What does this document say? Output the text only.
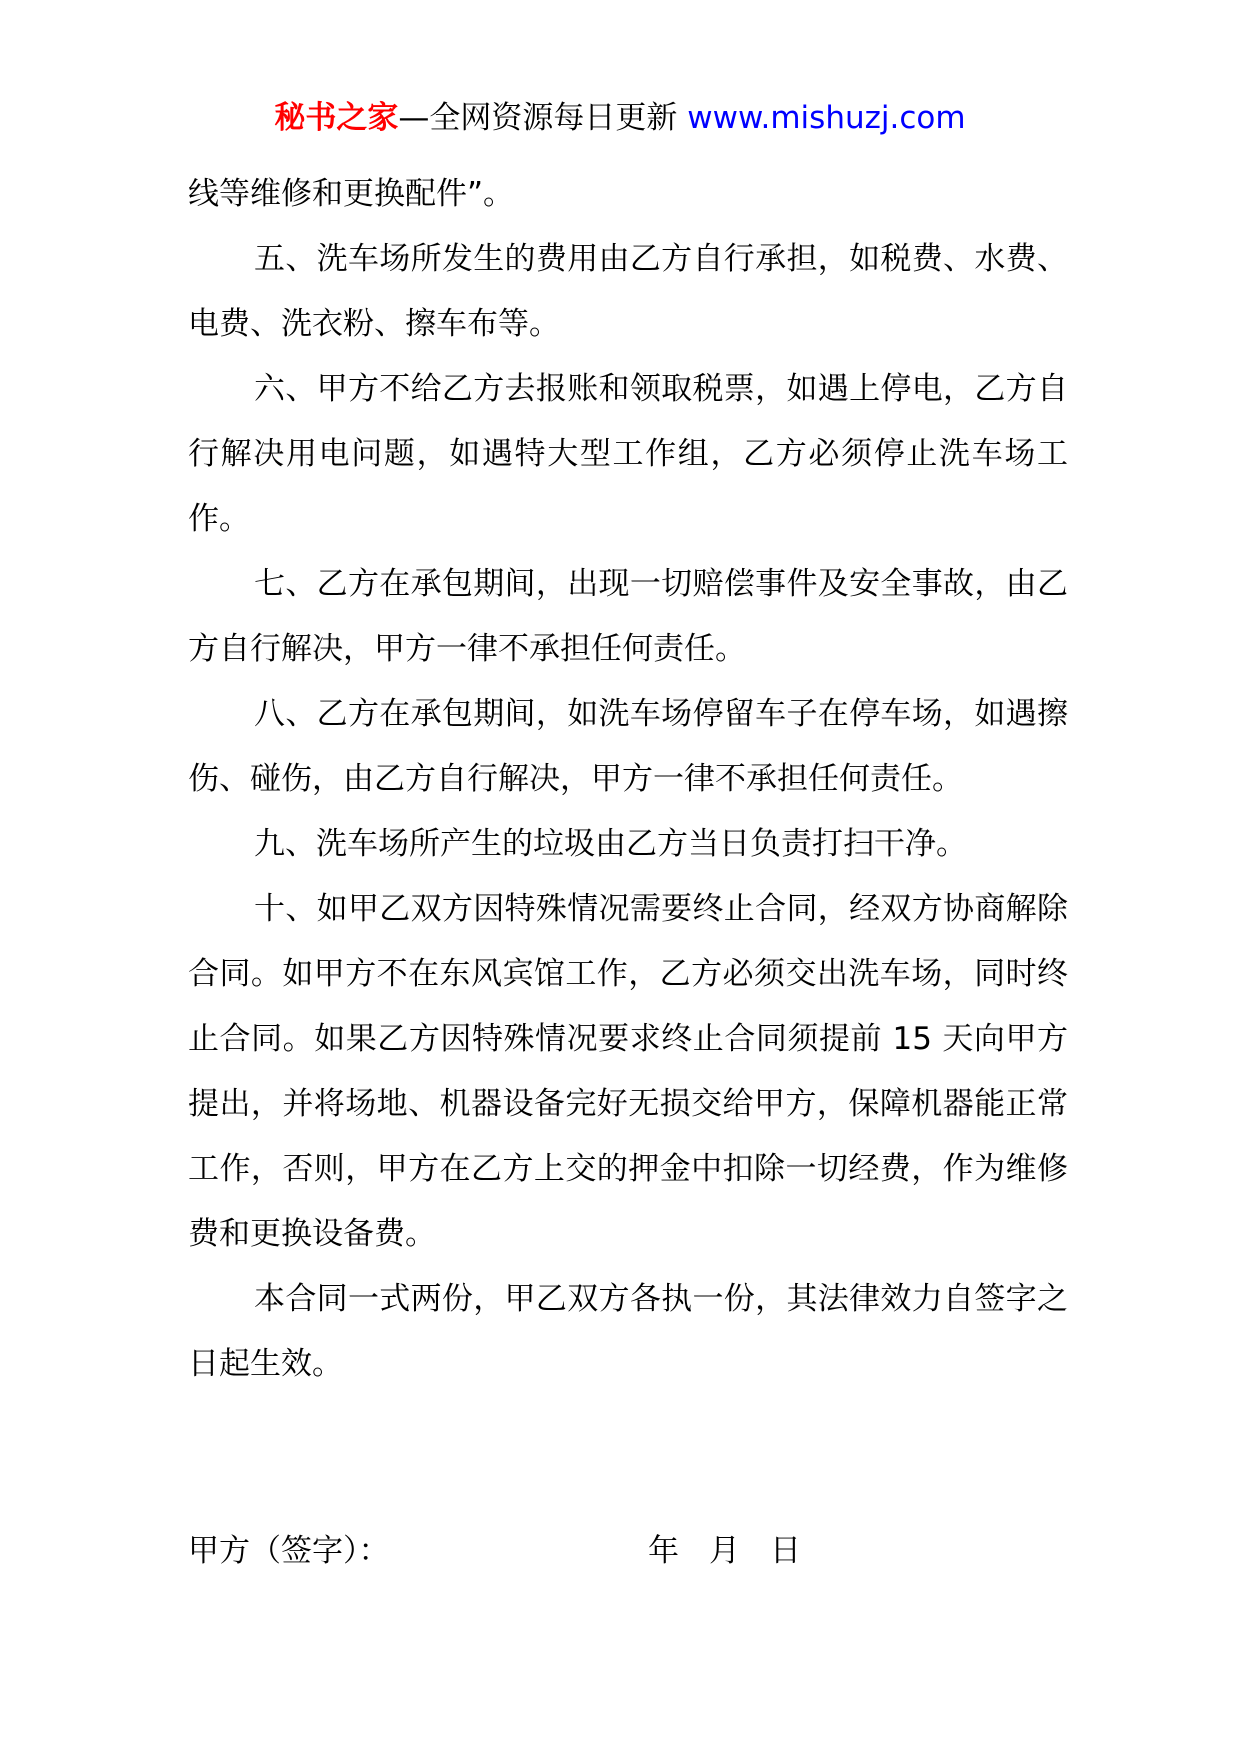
秘书之家—全网资源每日更新 www.mishuzj.com

线等维修和更换配件”。

五、洗车场所发生的费用由乙方自行承担，如税费、水费、电费、洗衣粉、擦车布等。

六、甲方不给乙方去报账和领取税票，如遇上停电，乙方自行解决用电问题，如遇特大型工作组，乙方必须停止洗车场工作。

七、乙方在承包期间，出现一切赔偿事件及安全事故，由乙方自行解决，甲方一律不承担任何责任。

八、乙方在承包期间，如洗车场停留车子在停车场，如遇擦伤、碰伤，由乙方自行解决，甲方一律不承担任何责任。

九、洗车场所产生的垃圾由乙方当日负责打扫干净。

十、如甲乙双方因特殊情况需要终止合同，经双方协商解除合同。如甲方不在东风宾馆工作，乙方必须交出洗车场，同时终止合同。如果乙方因特殊情况要求终止合同须提前 15 天向甲方提出，并将场地、机器设备完好无损交给甲方，保障机器能正常工作，否则，甲方在乙方上交的押金中扣除一切经费，作为维修费和更换设备费。

本合同一式两份，甲乙双方各执一份，其法律效力自签字之日起生效。

甲方（签字）：	年 月 日
